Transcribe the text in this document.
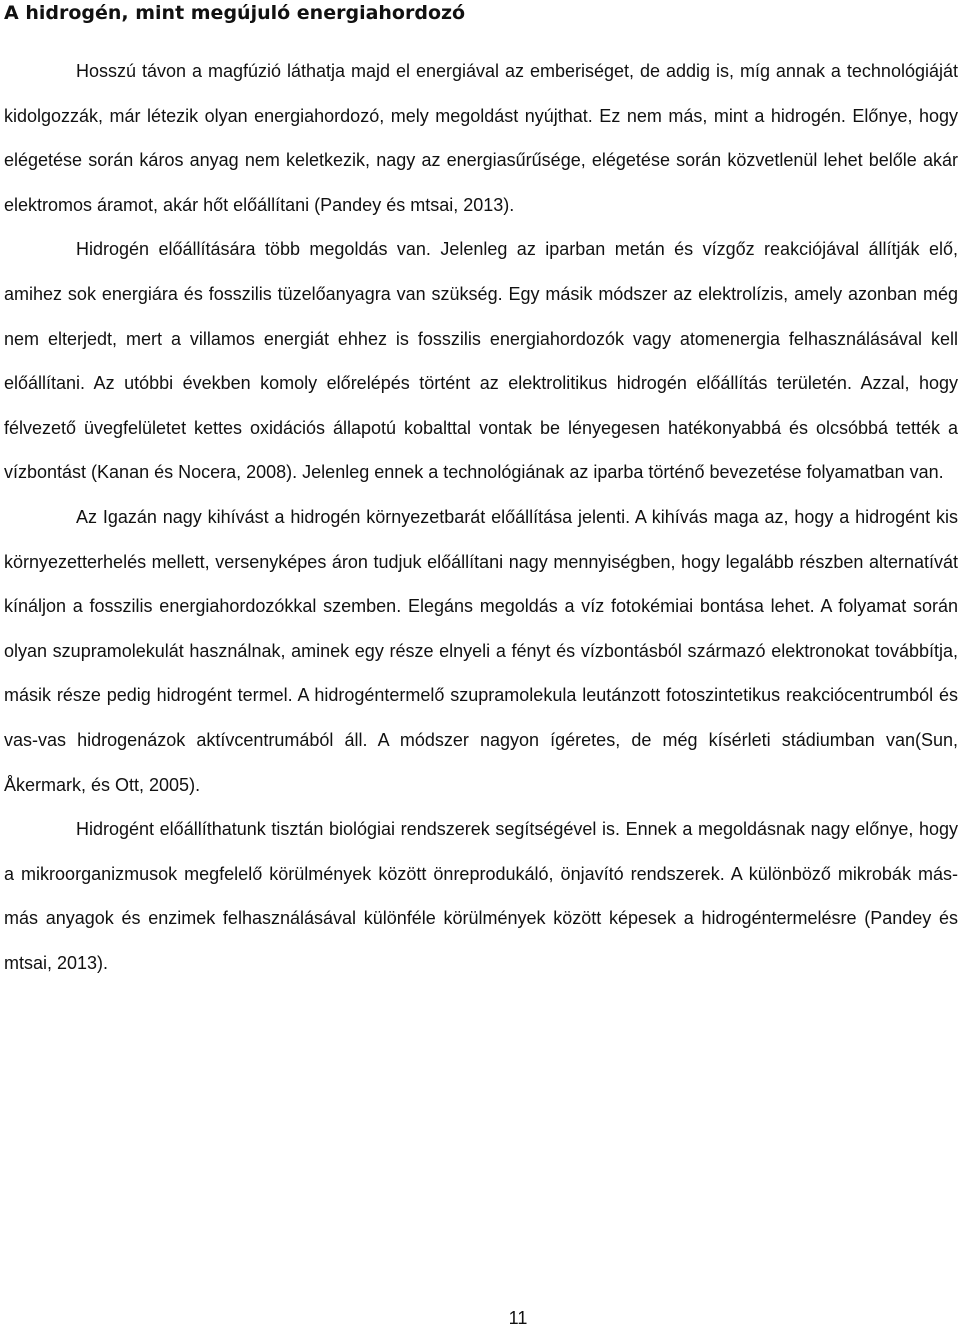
A hidrogén, mint megújuló energiahordozó

Hosszú távon a magfúzió láthatja majd el energiával az emberiséget, de addig is, míg annak a technológiáját kidolgozzák, már létezik olyan energiahordozó, mely megoldást nyújthat. Ez nem más, mint a hidrogén. Előnye, hogy elégetése során káros anyag nem keletkezik, nagy az energiasűrűsége, elégetése során közvetlenül lehet belőle akár elektromos áramot, akár hőt előállítani (Pandey és mtsai, 2013).

Hidrogén előállítására több megoldás van. Jelenleg az iparban metán és vízgőz reakciójával állítják elő, amihez sok energiára és fosszilis tüzelőanyagra van szükség. Egy másik módszer az elektrolízis, amely azonban még nem elterjedt, mert a villamos energiát ehhez is fosszilis energiahordozók vagy atomenergia felhasználásával kell előállítani. Az utóbbi években komoly előrelépés történt az elektrolitikus hidrogén előállítás területén. Azzal, hogy félvezető üvegfelületet kettes oxidációs állapotú kobalttal vontak be lényegesen hatékonyabbá és olcsóbbá tették a vízbontást (Kanan és Nocera, 2008). Jelenleg ennek a technológiának az iparba történő bevezetése folyamatban van.

Az Igazán nagy kihívást a hidrogén környezetbarát előállítása jelenti. A kihívás maga az, hogy a hidrogént kis környezetterhelés mellett, versenyképes áron tudjuk előállítani nagy mennyiségben, hogy legalább részben alternatívát kínáljon a fosszilis energiahordozókkal szemben. Elegáns megoldás a víz fotokémiai bontása lehet. A folyamat során olyan szupramolekulát használnak, aminek egy része elnyeli a fényt és vízbontásból származó elektronokat továbbítja, másik része pedig hidrogént termel. A hidrogéntermelő szupramolekula leutánzott fotoszintetikus reakciócentrumból és vas-vas hidrogenázok aktívcentrumából áll. A módszer nagyon ígéretes, de még kísérleti stádiumban van(Sun, Åkermark, és Ott, 2005).

Hidrogént előállíthatunk tisztán biológiai rendszerek segítségével is. Ennek a megoldásnak nagy előnye, hogy a mikroorganizmusok megfelelő körülmények között önreprodukáló, önjavító rendszerek. A különböző mikrobák más-más anyagok és enzimek felhasználásával különféle körülmények között képesek a hidrogéntermelésre (Pandey és mtsai, 2013).

11
